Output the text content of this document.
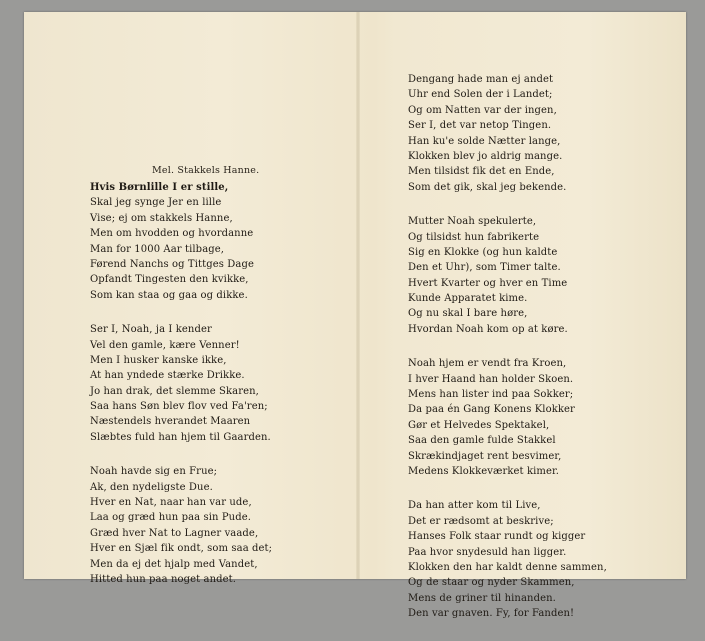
Mel. Stakkels Hanne.
Hvis Børnlille I er stille,
Skal jeg synge Jer en lille
Vise; ej om stakkels Hanne,
Men om hvodden og hvordanne
Man for 1000 Aar tilbage,
Førend Nanchs og Tittges Dage
Opfandt Tingesten den kvikke,
Som kan staa og gaa og dikke.
Ser I, Noah, ja I kender
Vel den gamle, kære Venner!
Men I husker kanske ikke,
At han yndede stærke Drikke.
Jo han drak, det slemme Skaren,
Saa hans Søn blev flov ved Fa'ren;
Næstendels hverandet Maaren
Slæbtes fuld han hjem til Gaarden.
Noah havde sig en Frue;
Ak, den nydeligste Due.
Hver en Nat, naar han var ude,
Laa og græd hun paa sin Pude.
Græd hver Nat to Lagner vaade,
Hver en Sjæl fik ondt, som saa det;
Men da ej det hjalp med Vandet,
Hitted hun paa noget andet.
Dengang hade man ej andet
Uhr end Solen der i Landet;
Og om Natten var der ingen,
Ser I, det var netop Tingen.
Han ku'e solde Nætter lange,
Klokken blev jo aldrig mange.
Men tilsidst fik det en Ende,
Som det gik, skal jeg bekende.
Mutter Noah spekulerte,
Og tilsidst hun fabrikerte
Sig en Klokke (og hun kaldte
Den et Uhr), som Timer talte.
Hvert Kvarter og hver en Time
Kunde Apparatet kime.
Og nu skal I bare høre,
Hvordan Noah kom op at køre.
Noah hjem er vendt fra Kroen,
I hver Haand han holder Skoen.
Mens han lister ind paa Sokker;
Da paa én Gang Konens Klokker
Gør et Helvedes Spektakel,
Saa den gamle fulde Stakkel
Skrækindjaget rent besvimer,
Medens Klokkeværket kimer.
Da han atter kom til Live,
Det er rædsomt at beskrive;
Hanses Folk staar rundt og kigger
Paa hvor snydesuld han ligger.
Klokken den har kaldt denne sammen,
Og de staar og nyder Skammen,
Mens de griner til hinanden.
Den var gnaven. Fy, for Fanden!
